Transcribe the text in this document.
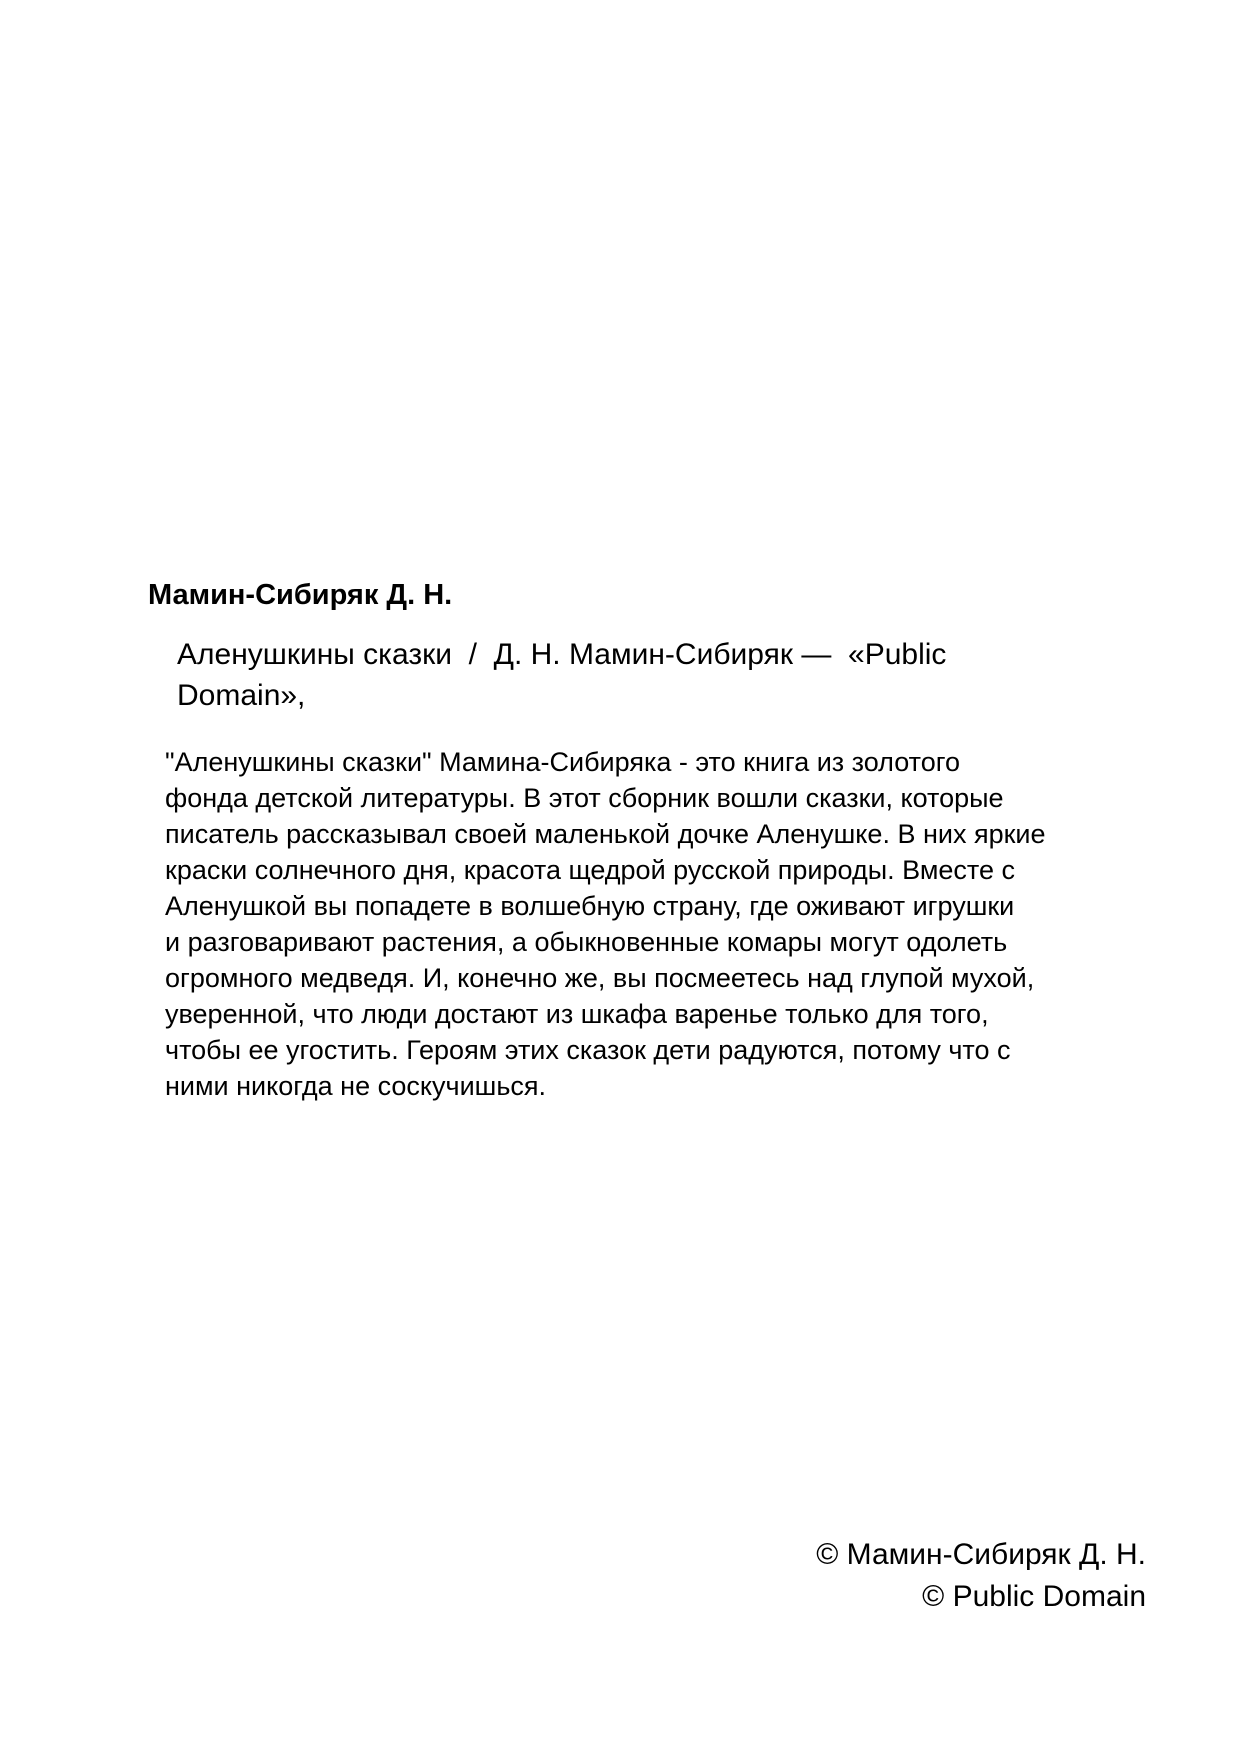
Мамин-Сибиряк Д. Н.
Аленушкины сказки / Д. Н. Мамин-Сибиряк — «Public
Domain»,
"Аленушкины сказки" Мамина-Сибиряка - это книга из золотого
фонда детской литературы. В этот сборник вошли сказки, которые
писатель рассказывал своей маленькой дочке Аленушке. В них яркие
краски солнечного дня, красота щедрой русской природы. Вместе с
Аленушкой вы попадете в волшебную страну, где оживают игрушки
и разговаривают растения, а обыкновенные комары могут одолеть
огромного медведя. И, конечно же, вы посмеетесь над глупой мухой,
уверенной, что люди достают из шкафа варенье только для того,
чтобы ее угостить. Героям этих сказок дети радуются, потому что с
ними никогда не соскучишься.
© Мамин-Сибиряк Д. Н.
© Public Domain
